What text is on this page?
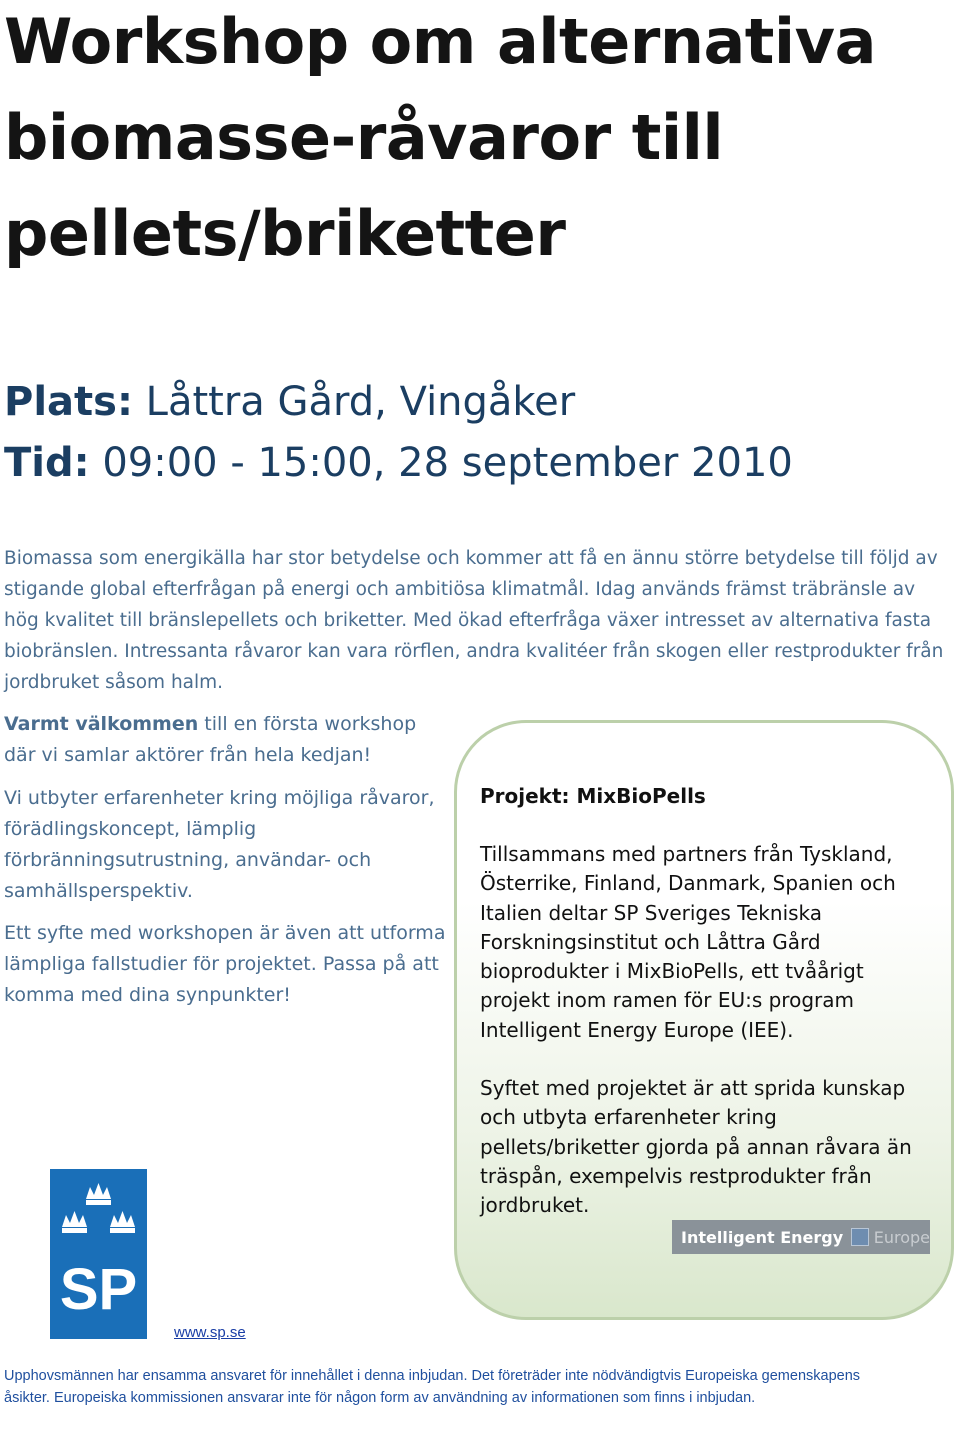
Workshop om alternativa biomasse-råvaror till pellets/briketter
Plats: Låttra Gård, Vingåker
Tid: 09:00 - 15:00, 28 september 2010

Biomassa som energikälla har stor betydelse och kommer att få en ännu större betydelse till följd av stigande global efterfrågan på energi och ambitiösa klimatmål. Idag används främst träbränsle av hög kvalitet till bränslepellets och briketter. Med ökad efterfråga växer intresset av alternativa fasta biobränslen. Intressanta råvaror kan vara rörflen, andra kvalitéer från skogen eller restprodukter från jordbruket såsom halm.

Varmt välkommen till en första workshop där vi samlar aktörer från hela kedjan!

Vi utbyter erfarenheter kring möjliga råvaror, förädlingskoncept, lämplig förbränningsutrustning, användar- och samhällsperspektiv.

Ett syfte med workshopen är även att utforma lämpliga fallstudier för projektet. Passa på att komma med dina synpunkter!

Projekt: MixBioPells

Tillsammans med partners från Tyskland, Österrike, Finland, Danmark, Spanien och Italien deltar SP Sveriges Tekniska Forskningsinstitut och Låttra Gård bioprodukter i MixBioPells, ett tvåårigt projekt inom ramen för EU:s program Intelligent Energy Europe (IEE).

Syftet med projektet är att sprida kunskap och utbyta erfarenheter kring pellets/briketter gjorda på annan råvara än träspån, exempelvis restprodukter från jordbruket.

Intelligent Energy Europe
SP
www.sp.se

Upphovsmännen har ensamma ansvaret för innehållet i denna inbjudan. Det företräder inte nödvändigtvis Europeiska gemenskapens åsikter. Europeiska kommissionen ansvarar inte för någon form av användning av informationen som finns i inbjudan.
